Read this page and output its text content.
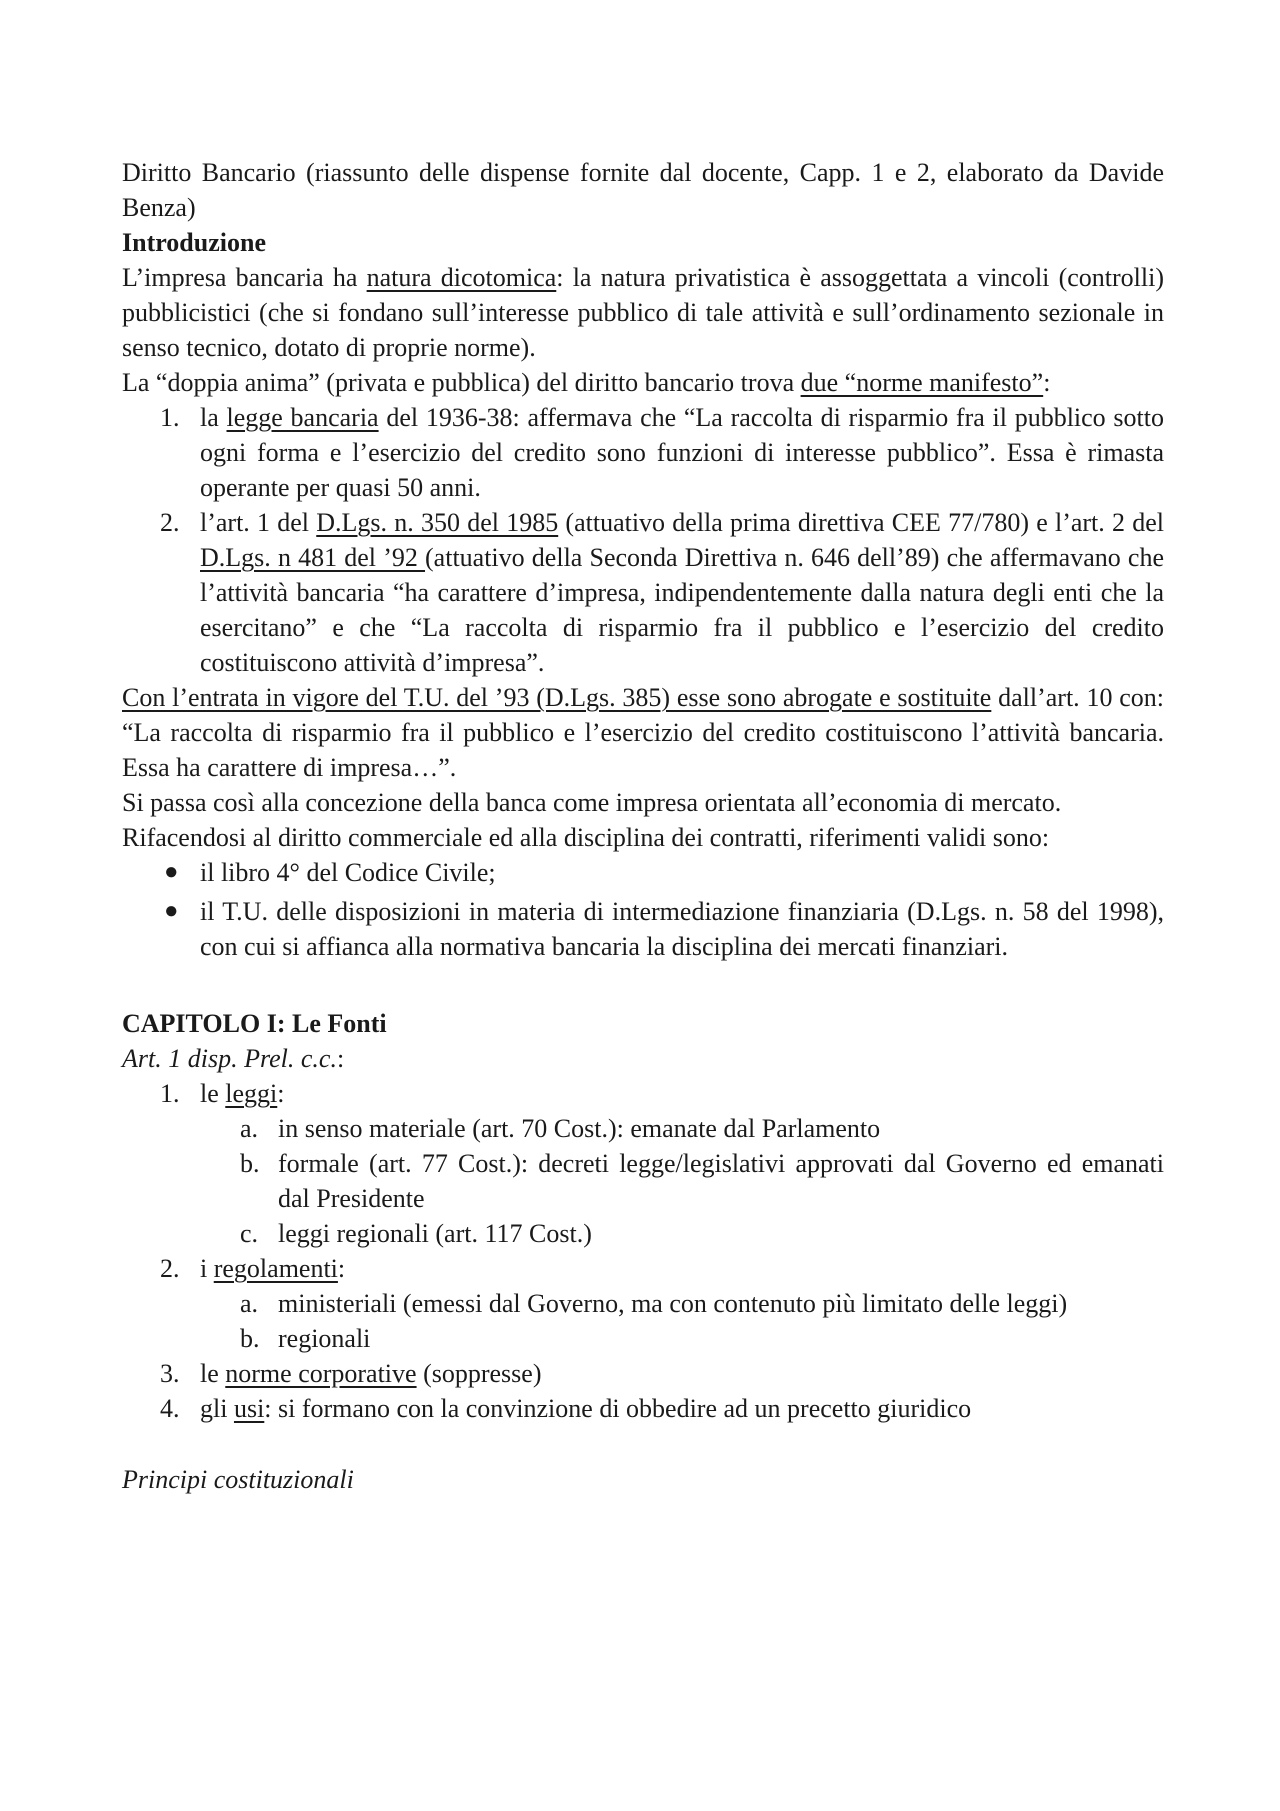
Diritto Bancario (riassunto delle dispense fornite dal docente, Capp. 1 e 2, elaborato da Davide Benza)
Introduzione
L’impresa bancaria ha natura dicotomica: la natura privatistica è assoggettata a vincoli (controlli) pubblicistici (che si fondano sull’interesse pubblico di tale attività e sull’ordinamento sezionale in senso tecnico, dotato di proprie norme).
La “doppia anima” (privata e pubblica) del diritto bancario trova due “norme manifesto”:
1. la legge bancaria del 1936-38: affermava che “La raccolta di risparmio fra il pubblico sotto ogni forma e l’esercizio del credito sono funzioni di interesse pubblico”. Essa è rimasta operante per quasi 50 anni.
2. l’art. 1 del D.Lgs. n. 350 del 1985 (attuativo della prima direttiva CEE 77/780) e l’art. 2 del D.Lgs. n 481 del ’92 (attuativo della Seconda Direttiva n. 646 dell’89) che affermavano che l’attività bancaria “ha carattere d’impresa, indipendentemente dalla natura degli enti che la esercitano” e che “La raccolta di risparmio fra il pubblico e l’esercizio del credito costituiscono attività d’impresa”.
Con l’entrata in vigore del T.U. del ’93 (D.Lgs. 385) esse sono abrogate e sostituite dall’art. 10 con: “La raccolta di risparmio fra il pubblico e l’esercizio del credito costituiscono l’attività bancaria. Essa ha carattere di impresa…”.
Si passa così alla concezione della banca come impresa orientata all’economia di mercato.
Rifacendosi al diritto commerciale ed alla disciplina dei contratti, riferimenti validi sono:
● il libro 4° del Codice Civile;
● il T.U. delle disposizioni in materia di intermediazione finanziaria (D.Lgs. n. 58 del 1998), con cui si affianca alla normativa bancaria la disciplina dei mercati finanziari.
CAPITOLO I: Le Fonti
Art. 1 disp. Prel. c.c.:
1. le leggi:
a. in senso materiale (art. 70 Cost.): emanate dal Parlamento
b. formale (art. 77 Cost.): decreti legge/legislativi approvati dal Governo ed emanati dal Presidente
c. leggi regionali (art. 117 Cost.)
2. i regolamenti:
a. ministeriali (emessi dal Governo, ma con contenuto più limitato delle leggi)
b. regionali
3. le norme corporative (soppresse)
4. gli usi: si formano con la convinzione di obbedire ad un precetto giuridico
Principi costituzionali
